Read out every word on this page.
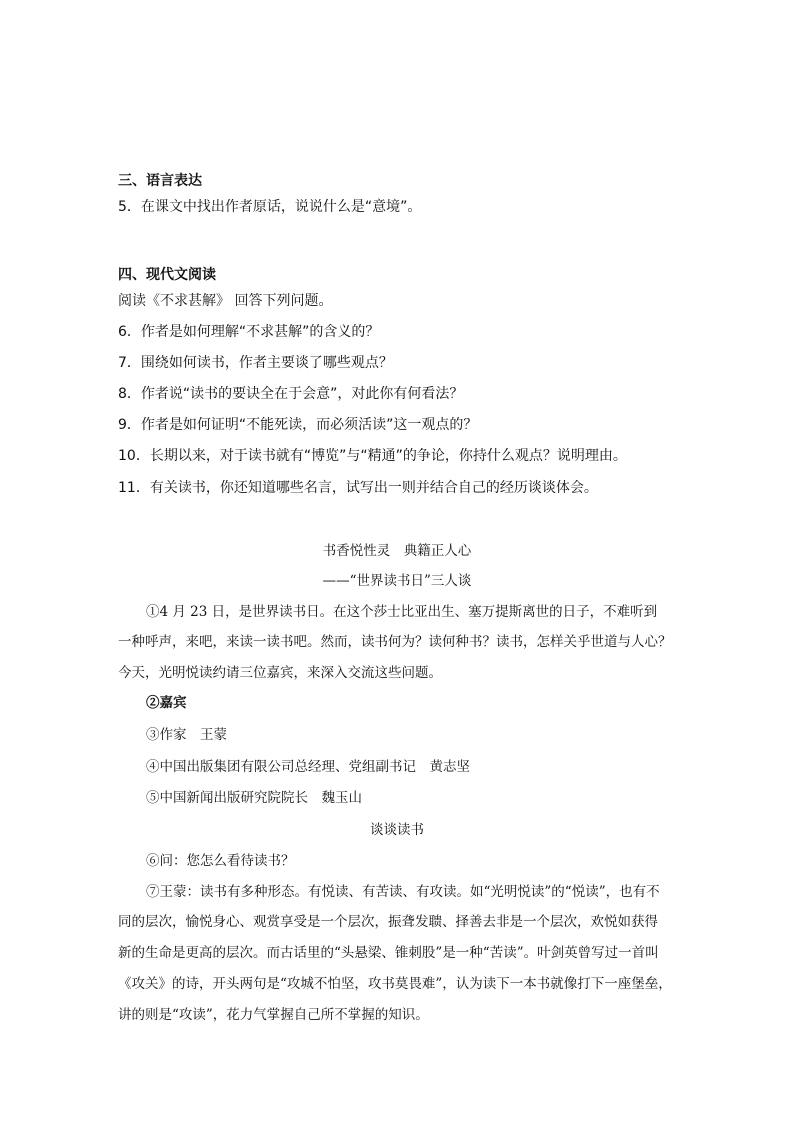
三、语言表达
5．在课文中找出作者原话，说说什么是“意境”。
四、现代文阅读
阅读《不求甚解》 回答下列问题。
6．作者是如何理解“不求甚解”的含义的？
7．围绕如何读书，作者主要谈了哪些观点？
8．作者说“读书的要诀全在于会意”，对此你有何看法？
9．作者是如何证明“不能死读，而必须活读”这一观点的？
10．长期以来，对于读书就有“博览”与“精通”的争论，你持什么观点？说明理由。
11．有关读书，你还知道哪些名言，试写出一则并结合自己的经历谈谈体会。
书香悦性灵　典籍正人心
——“世界读书日”三人谈
①4 月 23 日，是世界读书日。在这个莎士比亚出生、塞万提斯离世的日子，不难听到
一种呼声，来吧，来读一读书吧。然而，读书何为？读何种书？读书，怎样关乎世道与人心？
今天，光明悦读约请三位嘉宾，来深入交流这些问题。
②嘉宾
③作家　王蒙
④中国出版集团有限公司总经理、党组副书记　黄志坚
⑤中国新闻出版研究院院长　魏玉山
谈谈读书
⑥问：您怎么看待读书？
⑦王蒙：读书有多种形态。有悦读、有苦读、有攻读。如“光明悦读”的“悦读”，也有不
同的层次，愉悦身心、观赏享受是一个层次，振聋发聩、择善去非是一个层次，欢悦如获得
新的生命是更高的层次。而古话里的“头悬梁、锥刺股”是一种“苦读”。叶剑英曾写过一首叫
《攻关》的诗，开头两句是“攻城不怕坚，攻书莫畏难”，认为读下一本书就像打下一座堡垒，
讲的则是“攻读”，花力气掌握自己所不掌握的知识。
